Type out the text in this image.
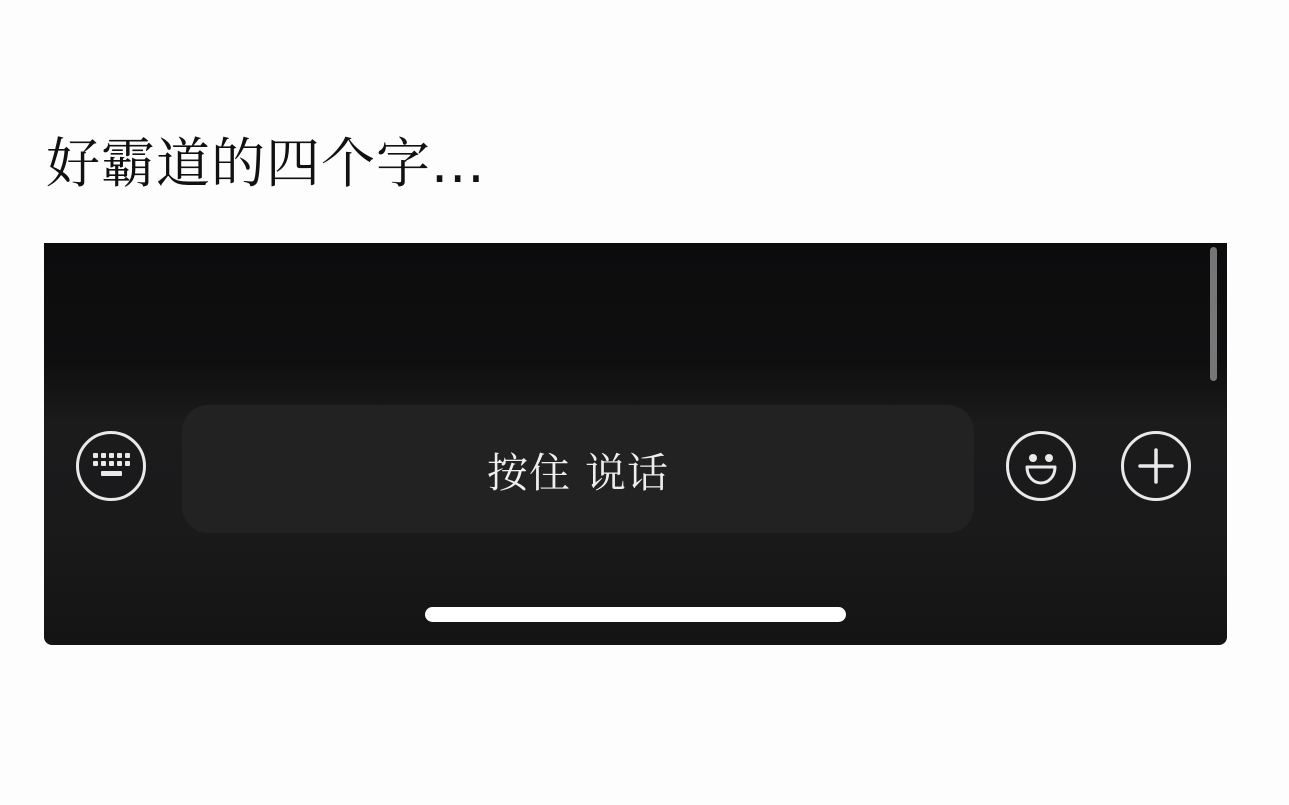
好霸道的四个字...
按住 说话
